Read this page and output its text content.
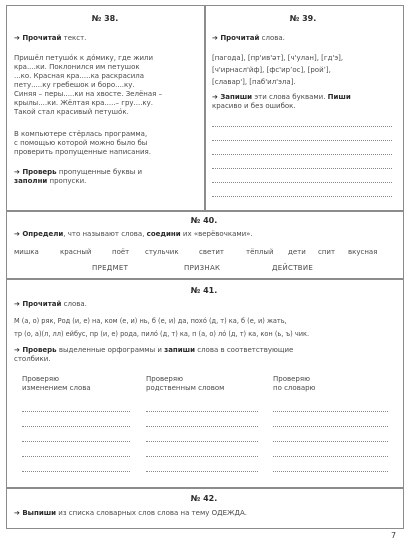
№ 38.
➔ Прочитай текст.
Пришёл петушо́к к до́мику, где жили
кра....ки. Поклонился им петушок
...ко. Красная кра.....ка раскрасила
пету.....ку гребешок и боро....ку.
Синяя – перы.....ки на хвосте. Зелёная –
крылы....ки. Жёлтая кра.....– гру....ку.
Такой стал красивый петушо́к.
В компьютере стёрлась программа,
с помощью которой можно было бы
проверить пропущенные написания.
➔ Проверь пропущенные буквы и
заполни пропуски.
№ 39.
➔ Прочитай слова.
[пагода], [пр'ив'ǝт], [ч'улан], [гд'э],
[ч'ирнасл'йф], [фс'ирʼос], [ройʼ],
[славар'], [паб'ил'эла].
➔ Запиши эти слова буквами. Пиши
красиво и без ошибок.
№ 40.
➔ Определи, что называют слова, соедини их «верёвочками».
мишка	красный	поёт стульчик	светит	тёплый дети спит вкусная
ПРЕДМЕТ	ПРИЗНАК	ДЕЙСТВИЕ
№ 41.
➔ Прочитай слова.
М (а, о) ряк, Род (и, е) на, ком (е, и) нь, б (е, и) да, похо́ (д, т) ка, б (е, и) жать,
тр (о, а)(л, лл) ейбус, пр (и, е) рода, пило́ (д, т) ка, п (а, о) ло́ (д, т) ка, кон (ь, ъ) чик.
➔ Проверь выделенные орфограммы и запиши слова в соответствующие
столбики.
Проверяю
изменением слова
Проверяю
родственным словом
Проверяю
по словарю
№ 42.
➔ Выпиши из списка словарных слов слова на тему ОДЕЖДА.
7
